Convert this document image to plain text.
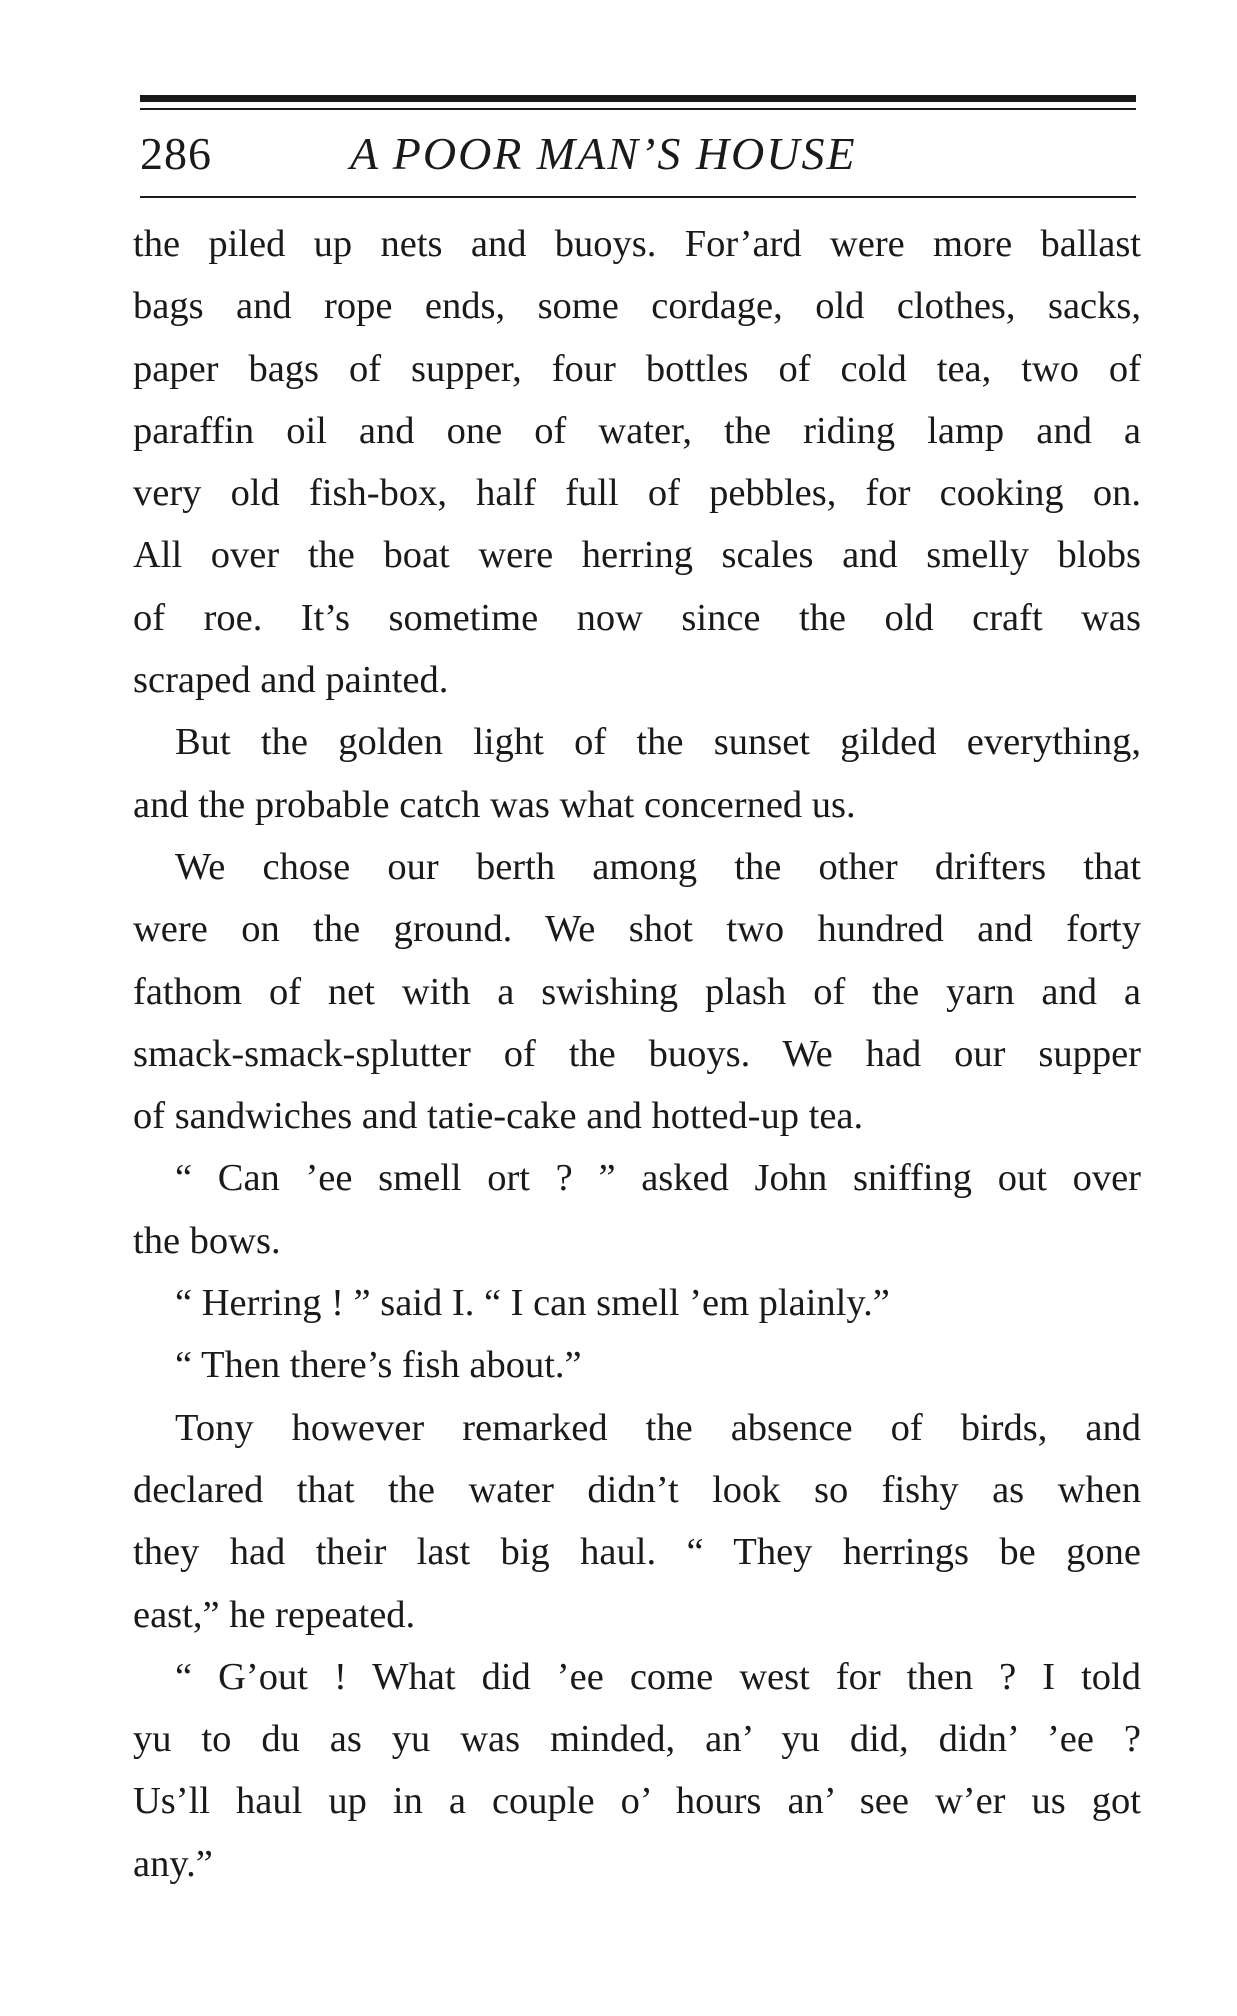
286	A POOR MAN’S HOUSE

the piled up nets and buoys. For’ard were more ballast

bags and rope ends, some cordage, old clothes, sacks,

paper bags of supper, four bottles of cold tea, two of

paraffin oil and one of water, the riding lamp and a

very old fish-box, half full of pebbles, for cooking on.

All over the boat were herring scales and smelly blobs

of roe. It’s sometime now since the old craft was

scraped and painted.

But the golden light of the sunset gilded everything,

and the probable catch was what concerned us.

We chose our berth among the other drifters that

were on the ground. We shot two hundred and forty

fathom of net with a swishing plash of the yarn and a

smack-smack-splutter of the buoys. We had our supper

of sandwiches and tatie-cake and hotted-up tea.

“ Can ’ee smell ort ? ” asked John sniffing out over

the bows.

“ Herring ! ” said I. “ I can smell ’em plainly.”

“ Then there’s fish about.”

Tony however remarked the absence of birds, and

declared that the water didn’t look so fishy as when

they had their last big haul. “ They herrings be gone

east,” he repeated.

“ G’out ! What did ’ee come west for then ? I told

yu to du as yu was minded, an’ yu did, didn’ ’ee ?

Us’ll haul up in a couple o’ hours an’ see w’er us got

any.”
